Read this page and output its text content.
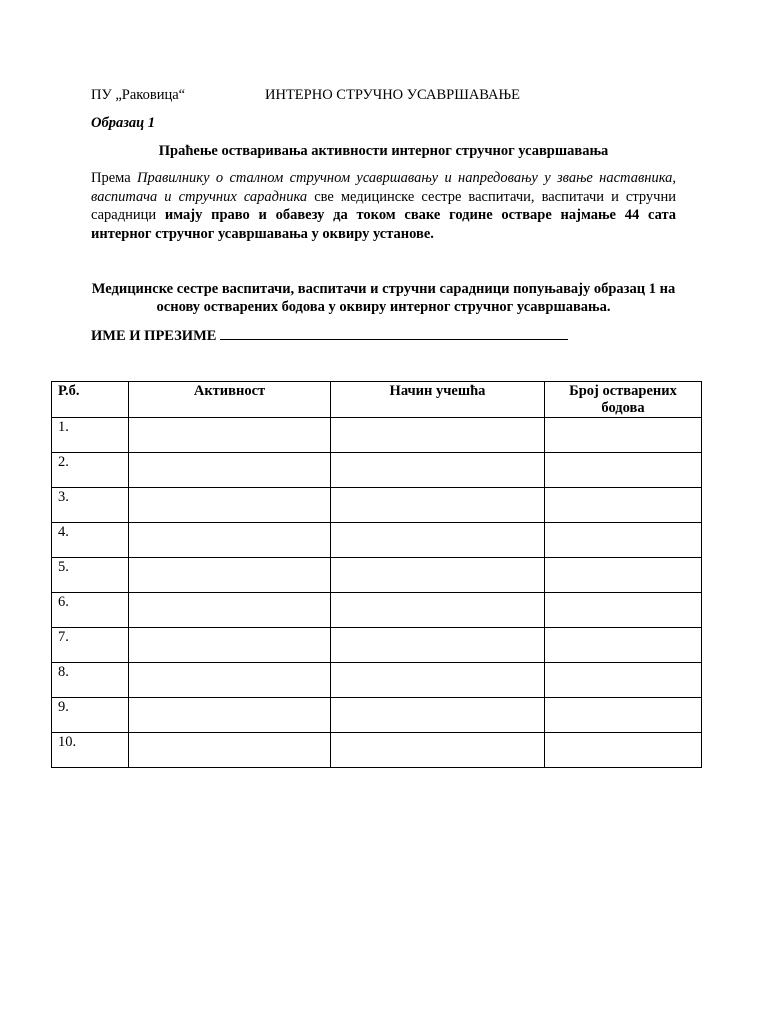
ПУ „Раковица“	ИНТЕРНО СТРУЧНО УСАВРШАВАЊЕ
Образац 1
Праћење остваривања активности интерног стручног усавршавања
Према Правилнику о сталном стручном усавршавању и напредовању у звање наставника, васпитача и стручних сарадника све медицинске сестре васпитачи, васпитачи и стручни сарадници имају право и обавезу да током сваке године остваре најмање 44 сата интерног стручног усавршавања у оквиру установе.
Медицинске сестре васпитачи, васпитачи и стручни сарадници попуњавају образац 1 на основу остварених бодова у оквиру интерног стручног усавршавања.
ИМЕ И ПРЕЗИМЕ
Р.б.	Активност	Начин учешћа	Број остварених бодова
1.			
2.			
3.			
4.			
5.			
6.			
7.			
8.			
9.			
10.			
